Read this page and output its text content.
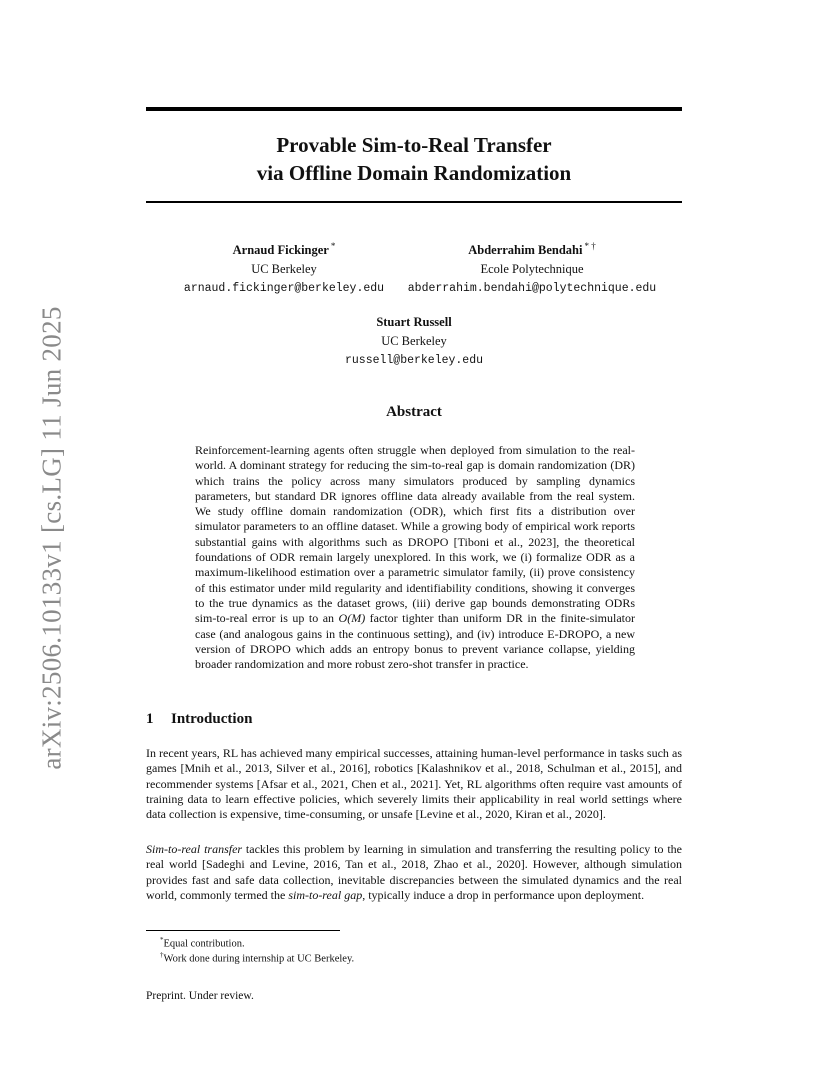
arXiv:2506.10133v1 [cs.LG] 11 Jun 2025
Provable Sim-to-Real Transfer
via Offline Domain Randomization
Arnaud Fickinger *
UC Berkeley
arnaud.fickinger@berkeley.edu
Abderrahim Bendahi * †
Ecole Polytechnique
abderrahim.bendahi@polytechnique.edu
Stuart Russell
UC Berkeley
russell@berkeley.edu
Abstract
Reinforcement-learning agents often struggle when deployed from simulation to the real-world. A dominant strategy for reducing the sim-to-real gap is domain randomization (DR) which trains the policy across many simulators produced by sampling dynamics parameters, but standard DR ignores offline data already available from the real system. We study offline domain randomization (ODR), which first fits a distribution over simulator parameters to an offline dataset. While a growing body of empirical work reports substantial gains with algorithms such as DROPO [Tiboni et al., 2023], the theoretical foundations of ODR remain largely unexplored. In this work, we (i) formalize ODR as a maximum-likelihood estimation over a parametric simulator family, (ii) prove consistency of this estimator under mild regularity and identifiability conditions, showing it converges to the true dynamics as the dataset grows, (iii) derive gap bounds demonstrating ODRs sim-to-real error is up to an O(M) factor tighter than uniform DR in the finite-simulator case (and analogous gains in the continuous setting), and (iv) introduce E-DROPO, a new version of DROPO which adds an entropy bonus to prevent variance collapse, yielding broader randomization and more robust zero-shot transfer in practice.
1 Introduction
In recent years, RL has achieved many empirical successes, attaining human-level performance in tasks such as games [Mnih et al., 2013, Silver et al., 2016], robotics [Kalashnikov et al., 2018, Schulman et al., 2015], and recommender systems [Afsar et al., 2021, Chen et al., 2021]. Yet, RL algorithms often require vast amounts of training data to learn effective policies, which severely limits their applicability in real world settings where data collection is expensive, time-consuming, or unsafe [Levine et al., 2020, Kiran et al., 2020].
Sim-to-real transfer tackles this problem by learning in simulation and transferring the resulting policy to the real world [Sadeghi and Levine, 2016, Tan et al., 2018, Zhao et al., 2020]. However, although simulation provides fast and safe data collection, inevitable discrepancies between the simulated dynamics and the real world, commonly termed the sim-to-real gap, typically induce a drop in performance upon deployment.
*Equal contribution.
†Work done during internship at UC Berkeley.
Preprint. Under review.
